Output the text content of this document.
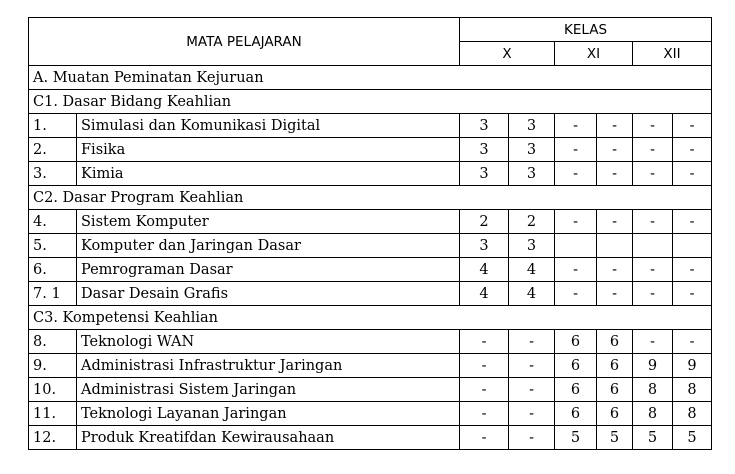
MATA PELAJARAN		KELAS					
		X		XI		XII	
A. Muatan Peminatan Kejuruan							
C1. Dasar Bidang Keahlian							
1.	Simulasi dan Komunikasi Digital	3	3	-	-	-	-
2.	Fisika	3	3	-	-	-	-
3.	Kimia	3	3	-	-	-	-
C2. Dasar Program Keahlian							
4.	Sistem Komputer	2	2	-	-	-	-
5.	Komputer dan Jaringan Dasar	3	3				
6.	Pemrograman Dasar	4	4	-	-	-	-
7. 1	Dasar Desain Grafis	4	4	-	-	-	-
C3. Kompetensi Keahlian							
8.	Teknologi WAN	-	-	6	6	-	-
9.	Administrasi Infrastruktur Jaringan	-	-	6	6	9	9
10.	Administrasi Sistem Jaringan	-	-	6	6	8	8
11.	Teknologi Layanan Jaringan	-	-	6	6	8	8
12.	Produk Kreatifdan Kewirausahaan	-	-	5	5	5	5
